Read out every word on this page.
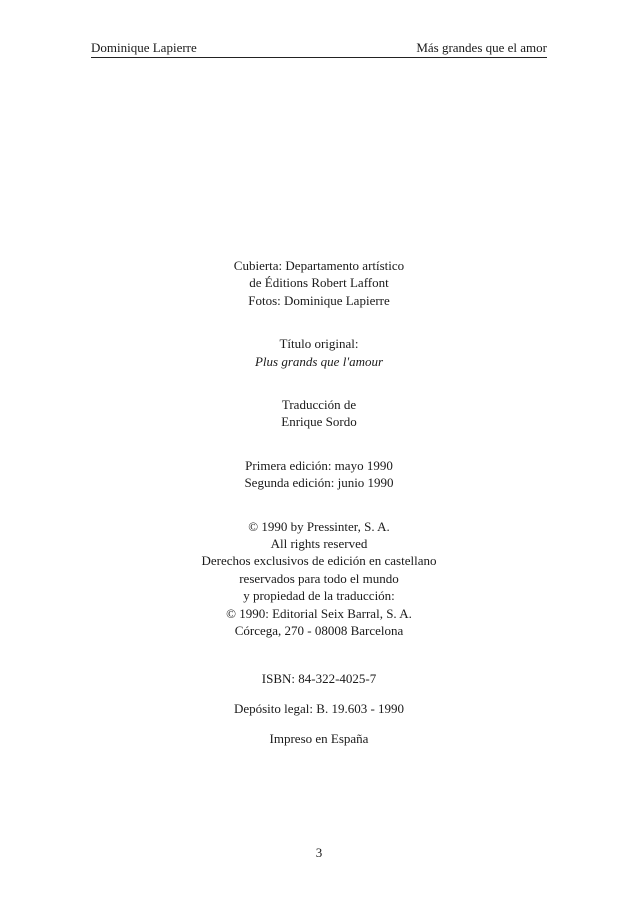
Dominique Lapierre	Más grandes que el amor
Cubierta: Departamento artístico
de Éditions Robert Laffont
Fotos: Dominique Lapierre
Título original:
Plus grands que l'amour
Traducción de
Enrique Sordo
Primera edición: mayo 1990
Segunda edición: junio 1990
© 1990 by Pressinter, S. A.
All rights reserved
Derechos exclusivos de edición en castellano
reservados para todo el mundo
y propiedad de la traducción:
© 1990: Editorial Seix Barral, S. A.
Córcega, 270 - 08008 Barcelona
ISBN: 84-322-4025-7
Depósito legal: B. 19.603 - 1990
Impreso en España
3
